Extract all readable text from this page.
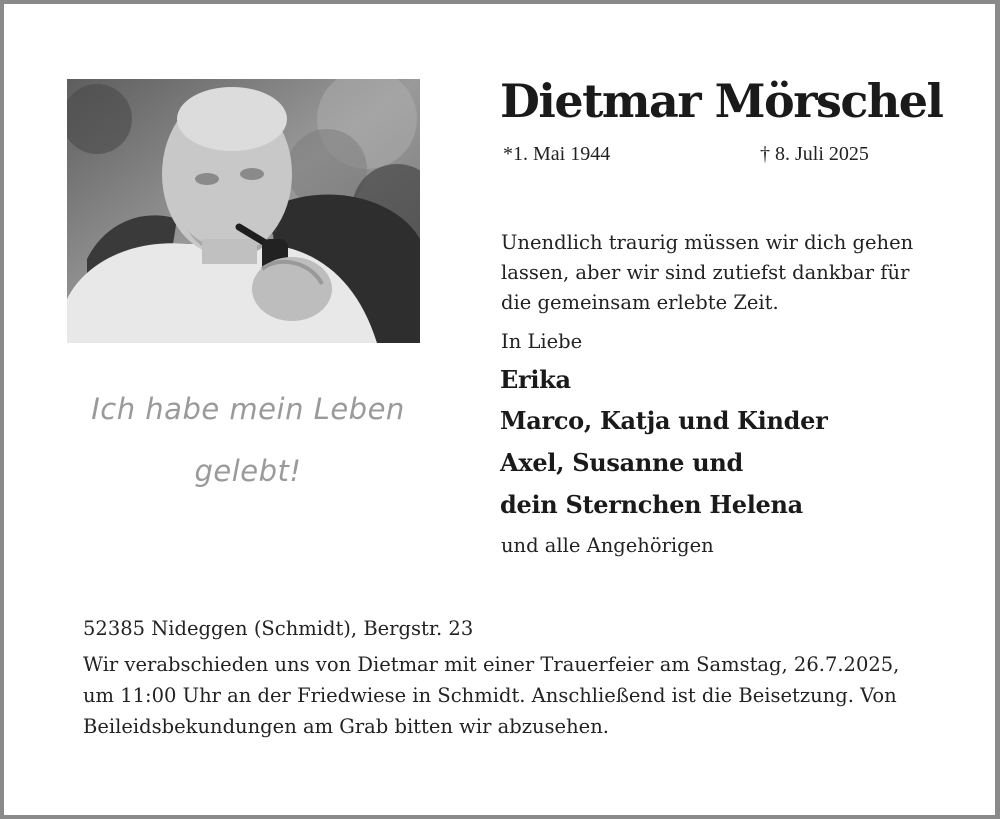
Ich habe mein Leben
gelebt!
Dietmar Mörschel
*1. Mai 1944	† 8. Juli 2025
Unendlich traurig müssen wir dich gehen
lassen, aber wir sind zutiefst dankbar für
die gemeinsam erlebte Zeit.
In Liebe
Erika
Marco, Katja und Kinder
Axel, Susanne und
dein Sternchen Helena
und alle Angehörigen
52385 Nideggen (Schmidt), Bergstr. 23
Wir verabschieden uns von Dietmar mit einer Trauerfeier am Samstag, 26.7.2025,
um 11:00 Uhr an der Friedwiese in Schmidt. Anschließend ist die Beisetzung. Von
Beileidsbekundungen am Grab bitten wir abzusehen.
